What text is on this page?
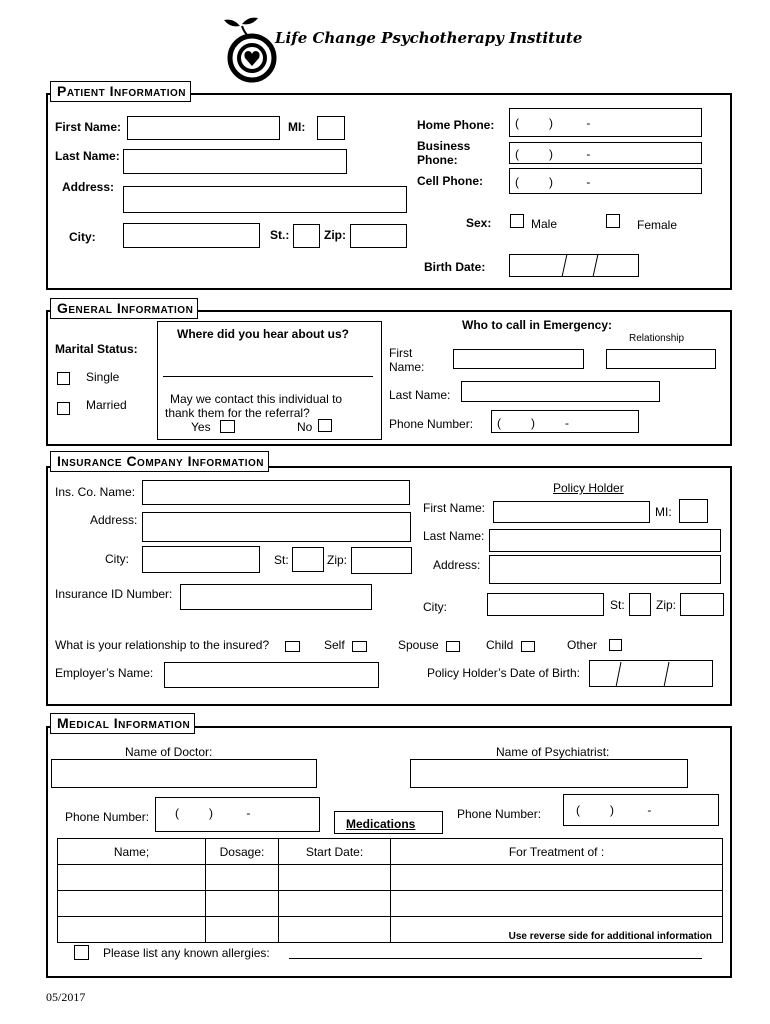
Life Change Psychotherapy Institute
Patient Information
First Name:	MI:
Last Name:
Address:
City:	St.:	Zip:
Home Phone: (         )          -
Business
Phone:	(         )          -
Cell Phone:	(         )          -
Sex:	Male	Female
Birth Date:
General Information
Marital Status:
Single
Married
Where did you hear about us?
May we contact this individual to
thank them for the referral?
Yes	No
Who to call in Emergency:
Relationship
First
Name:
Last Name:
Phone Number: (         )         -
Insurance Company Information
Ins. Co. Name:
Address:
City:	St:	Zip:
Insurance ID Number:
Policy Holder
First Name:	MI:
Last Name:
Address:
City:	St:	Zip:
What is your relationship to the insured?	Self	Spouse	Child	Other
Employer’s Name:	Policy Holder’s Date of Birth:
Medical Information
Name of Doctor:	Name of Psychiatrist:
Phone Number: (         )          -
Medications
Phone Number:	(         )          -
Name;	Dosage:	Start Date:	For Treatment of :

			Use reverse side for additional information
Please list any known allergies:
05/2017
